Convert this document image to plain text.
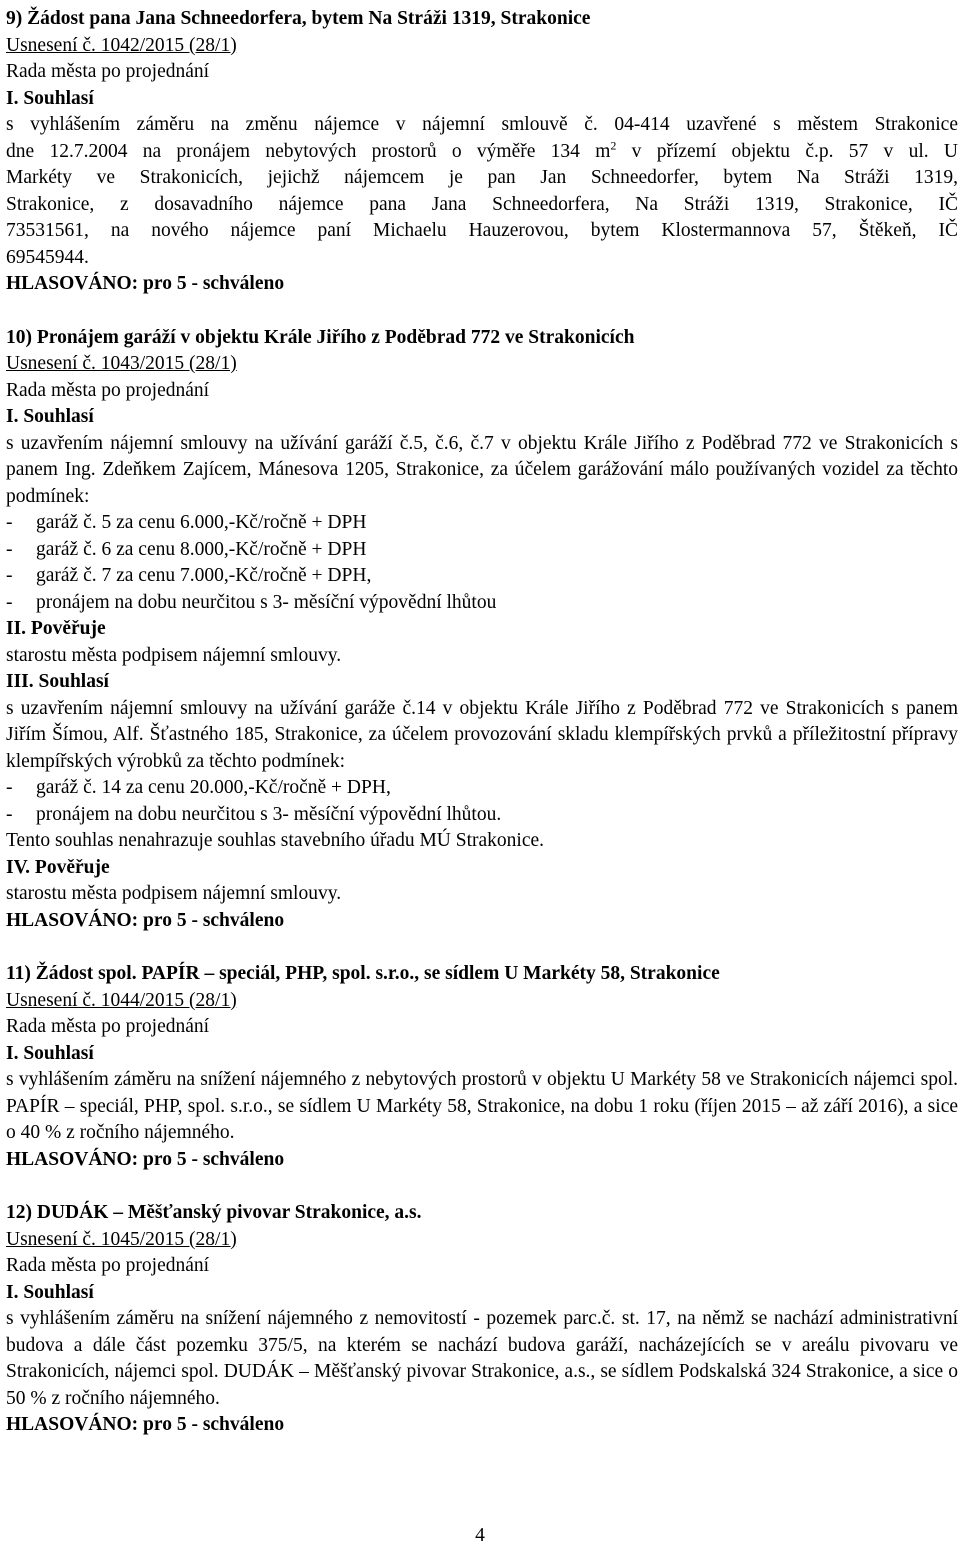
9) Žádost pana Jana Schneedorfera, bytem Na Stráži 1319, Strakonice
Usnesení č. 1042/2015 (28/1)
Rada města po projednání
I. Souhlasí
s vyhlášením záměru na změnu nájemce v nájemní smlouvě č. 04-414 uzavřené s městem Strakonice
dne 12.7.2004 na pronájem nebytových prostorů o výměře 134 $m^2$ v přízemí objektu č.p. 57 v ul. U
Markéty ve Strakonicích, jejichž nájemcem je pan Jan Schneedorfer, bytem Na Stráži 1319,
Strakonice, z dosavadního nájemce pana Jana Schneedorfera, Na Stráži 1319, Strakonice, IČ
73531561, na nového nájemce paní Michaelu Hauzerovou, bytem Klostermannova 57, Štěkeň, IČ
69545944.
HLASOVÁNO: pro 5 - schváleno
10) Pronájem garáží v objektu Krále Jiřího z Poděbrad 772 ve Strakonicích
Usnesení č. 1043/2015 (28/1)
Rada města po projednání
I. Souhlasí
s uzavřením nájemní smlouvy na užívání garáží č.5, č.6, č.7 v objektu Krále Jiřího z Poděbrad 772 ve Strakonicích s panem Ing. Zdeňkem Zajícem, Mánesova 1205, Strakonice, za účelem garážování málo používaných vozidel za těchto podmínek:
-	garáž č. 5 za cenu 6.000,-Kč/ročně + DPH
-	garáž č. 6 za cenu 8.000,-Kč/ročně + DPH
-	garáž č. 7 za cenu 7.000,-Kč/ročně + DPH,
-	pronájem na dobu neurčitou s 3- měsíční výpovědní lhůtou
II. Pověřuje
starostu města podpisem nájemní smlouvy.
III. Souhlasí
s uzavřením nájemní smlouvy na užívání garáže č.14 v objektu Krále Jiřího z Poděbrad 772 ve Strakonicích s panem Jiřím Šímou, Alf. Šťastného 185, Strakonice, za účelem provozování skladu klempířských prvků a příležitostní přípravy klempířských výrobků za těchto podmínek:
-	garáž č. 14 za cenu 20.000,-Kč/ročně + DPH,
-	pronájem na dobu neurčitou s 3- měsíční výpovědní lhůtou.
Tento souhlas nenahrazuje souhlas stavebního úřadu MÚ Strakonice.
IV. Pověřuje
starostu města podpisem nájemní smlouvy.
HLASOVÁNO: pro 5 - schváleno
11) Žádost spol. PAPÍR – speciál, PHP, spol. s.r.o., se sídlem U Markéty 58, Strakonice
Usnesení č. 1044/2015 (28/1)
Rada města po projednání
I. Souhlasí
s vyhlášením záměru na snížení nájemného z nebytových prostorů v objektu U Markéty 58 ve Strakonicích nájemci spol. PAPÍR – speciál, PHP, spol. s.r.o., se sídlem U Markéty 58, Strakonice, na dobu 1 roku (říjen 2015 – až září 2016), a sice o 40 % z ročního nájemného.
HLASOVÁNO: pro 5 - schváleno
12) DUDÁK – Měšťanský pivovar Strakonice, a.s.
Usnesení č. 1045/2015 (28/1)
Rada města po projednání
I. Souhlasí
s vyhlášením záměru na snížení nájemného z nemovitostí - pozemek parc.č. st. 17, na němž se nachází administrativní budova a dále část pozemku 375/5, na kterém se nachází budova garáží, nacházejících se v areálu pivovaru ve Strakonicích, nájemci spol. DUDÁK – Měšťanský pivovar Strakonice, a.s., se sídlem Podskalská 324 Strakonice, a sice o 50 % z ročního nájemného.
HLASOVÁNO: pro 5 - schváleno
4
